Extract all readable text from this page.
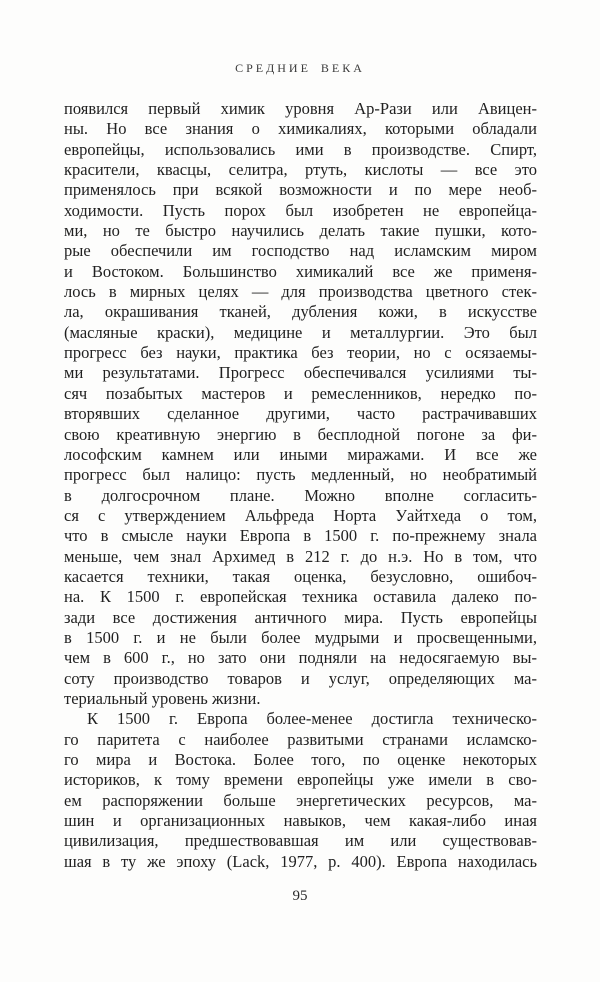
СРЕДНИЕ ВЕКА
появился первый химик уровня Ар-Рази или Авицен-
ны. Но все знания о химикалиях, которыми обладали
европейцы, использовались ими в производстве. Спирт,
красители, квасцы, селитра, ртуть, кислоты — все это
применялось при всякой возможности и по мере необ-
ходимости. Пусть порох был изобретен не европейца-
ми, но те быстро научились делать такие пушки, кото-
рые обеспечили им господство над исламским миром
и Востоком. Большинство химикалий все же применя-
лось в мирных целях — для производства цветного стек-
ла, окрашивания тканей, дубления кожи, в искусстве
(масляные краски), медицине и металлургии. Это был
прогресс без науки, практика без теории, но с осязаемы-
ми результатами. Прогресс обеспечивался усилиями ты-
сяч позабытых мастеров и ремесленников, нередко по-
вторявших сделанное другими, часто растрачивавших
свою креативную энергию в бесплодной погоне за фи-
лософским камнем или иными миражами. И все же
прогресс был налицо: пусть медленный, но необратимый
в долгосрочном плане. Можно вполне согласить-
ся с утверждением Альфреда Норта Уайтхеда о том,
что в смысле науки Европа в 1500 г. по-прежнему знала
меньше, чем знал Архимед в 212 г. до н.э. Но в том, что
касается техники, такая оценка, безусловно, ошибоч-
на. К 1500 г. европейская техника оставила далеко по-
зади все достижения античного мира. Пусть европейцы
в 1500 г. и не были более мудрыми и просвещенными,
чем в 600 г., но зато они подняли на недосягаемую вы-
соту производство товаров и услуг, определяющих ма-
териальный уровень жизни.
К 1500 г. Европа более-менее достигла техническо-
го паритета с наиболее развитыми странами исламско-
го мира и Востока. Более того, по оценке некоторых
историков, к тому времени европейцы уже имели в сво-
ем распоряжении больше энергетических ресурсов, ма-
шин и организационных навыков, чем какая-либо иная
цивилизация, предшествовавшая им или существовав-
шая в ту же эпоху (Lack, 1977, p. 400). Европа находилась
95
